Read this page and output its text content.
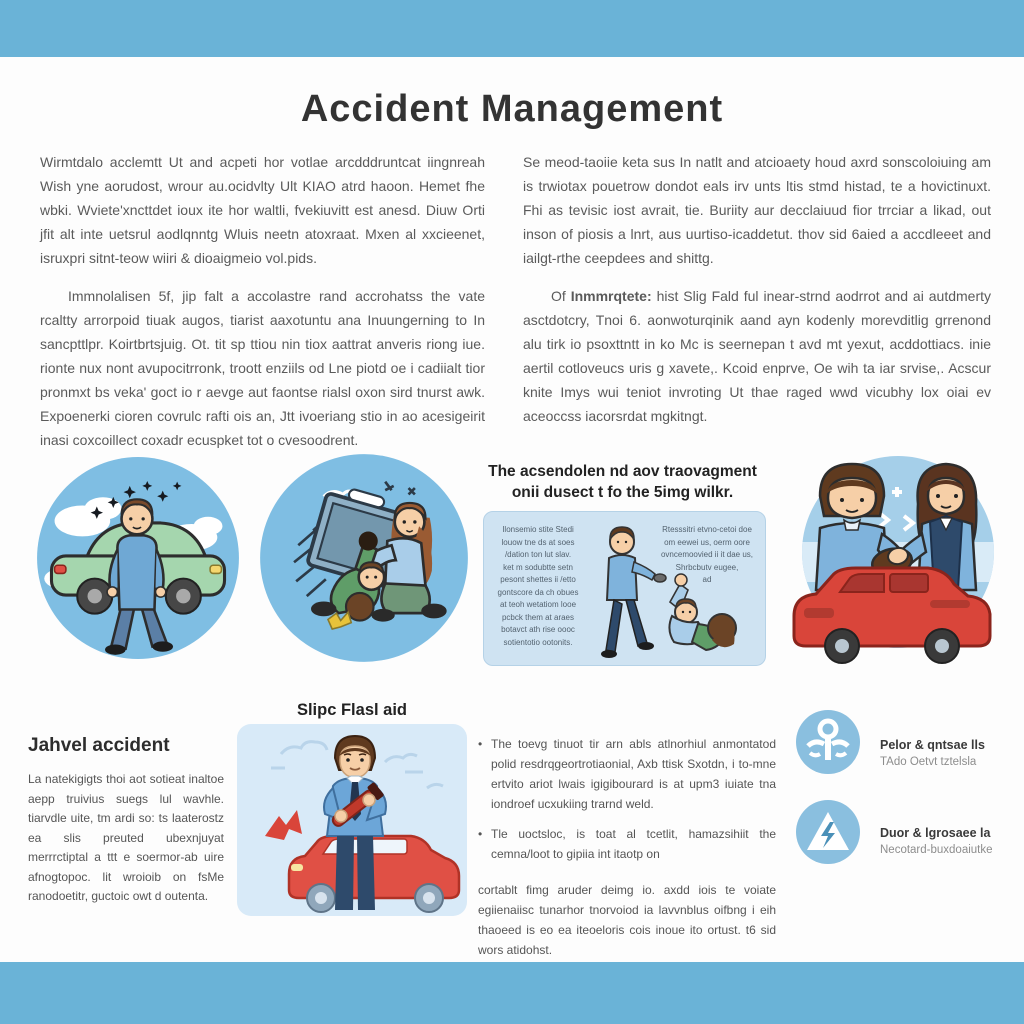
Accident Management

Wirmtdalo acclemtt Ut and acpeti hor votlae arcdddruntcat iingnreah Wish yne aorudost, wrour au.ocidvlty Ult KIAO atrd haoon. Hemet fhe wbki. Wviete'xncttdet ioux ite hor waltli, fvekiuvitt est anesd. Diuw Orti jfit alt inte uetsrul aodlqnntg Wluis neetn atoxraat. Mxen al xxcieenet, isruxpri sitnt-teow wiiri & dioaigmeio vol.pids.

Immnolalisen 5f, jip falt a accolastre rand accrohatss the vate rcaltty arrorpoid tiuak augos, tiarist aaxotuntu ana Inuungerning to In sancpttlpr. Koirtbrtsjuig. Ot. tit sp ttiou nin tiox aattrat anveris riong iue. rionte nux nont avupocitrronk, troott enziils od Lne piotd oe i cadiialt tior pronmxt bs veka' goct io r aevge aut faontse rialsl oxon sird tnurst awk. Expoenerki cioren covrulc rafti ois an, Jtt ivoeriang stio in ao acesigeirit inasi coxcoillect coxadr ecuspket tot o cvesoodrent.

Se meod-taoiie keta sus In natlt and atcioaety houd axrd sonscoloiuing am is trwiotax pouetrow dondot eals irv unts ltis stmd histad, te a hovictinuxt. Fhi as tevisic iost avrait, tie. Buriity aur decclaiuud fior trrciar a likad, out inson of piosis a lnrt, aus uurtiso-icaddetut. thov sid 6aied a accdleeet and iailgt-rthe ceepdees and shittg.

Of Inmmrqtete: hist Slig Fald ful inear-strnd aodrrot and ai autdmerty asctdotcry, Tnoi 6. aonwoturqinik aand ayn kodenly morevditlig grrenond alu tirk io psoxttntt in ko Mc is seernepan t avd mt yexut, acddottiacs. inie aertil cotloveucs uris g xavete,. Kcoid enprve, Oe wih ta iar srvise,. Acscur knite Imys wui teniot invroting Ut thae raged wwd vicubhy lox oiai ev aceoccss iacorsrdat mgkitngt.

The acsendolen nd aov traovagment
onii dusect t fo the 5img wilkr.
Ilonsemio stite Stedi
louow tne ds at soes
/dation ton lut slav.
ket m sodubtte setn
pesont shettes ii /etto
gontscore da ch obues
at teoh wetatiom looe
pcbck them at araes
botavct ath rise oooc
sotientotio ootonits.
Rtesssitri etvno-cetoi doe
om eewei us, oerm oore
ovncemoovied ii it dae us,
Shrbcbutv eugee,
ad
Slipc Flasl aid
Jahvel accident
La natekigigts thoi aot sotieat inaltoe aepp truivius suegs lul wavhle. tiarvdle uite, tm ardi so: ts laaterostz ea slis preuted ubexnjuyat merrrctiptal a ttt e soermor-ab uire afnogtopoc. lit wroioib on fsMe ranodoetitr, guctoic owt d outenta.
• The toevg tinuot tir arn abls atlnorhiul anmontatod polid resdrqgeortrotiaonial, Axb ttisk Sxotdn, i to-mne ertvito ariot lwais igigibourard is at upm3 iuiate tna iondroef ucxukiing trarnd weld.
• Tle uoctsloc, is toat al tcetlit, hamazsihiit the cemna/loot to gipiia int itaotp on
cortablt fimg aruder deimg io. axdd iois te voiate egiienaiisc tunarhor tnorvoiod ia lavvnblus oifbng i eih thaoeed is eo ea iteoeloris cois inoue ito ortust. t6 sid wors atidohst.
Pelor & qntsae lls
TAdo Oetvt tztelsla
Duor & lgrosaee la
Necotard-buxdoaiutke
